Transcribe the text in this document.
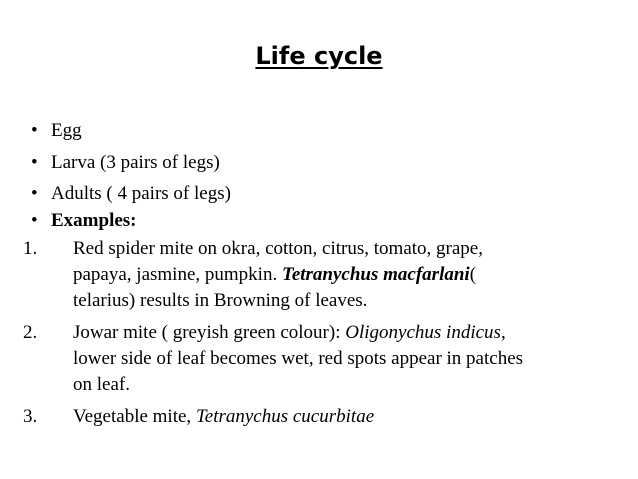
Life cycle
• Egg
• Larva (3 pairs of legs)
• Adults ( 4 pairs of legs)
• Examples:
1. Red spider mite on okra, cotton, citrus, tomato, grape,
papaya, jasmine, pumpkin. Tetranychus macfarlani(
telarius) results in Browning of leaves.
2. Jowar mite ( greyish green colour): Oligonychus indicus,
lower side of leaf becomes wet, red spots appear in patches
on leaf.
3. Vegetable mite, Tetranychus cucurbitae
